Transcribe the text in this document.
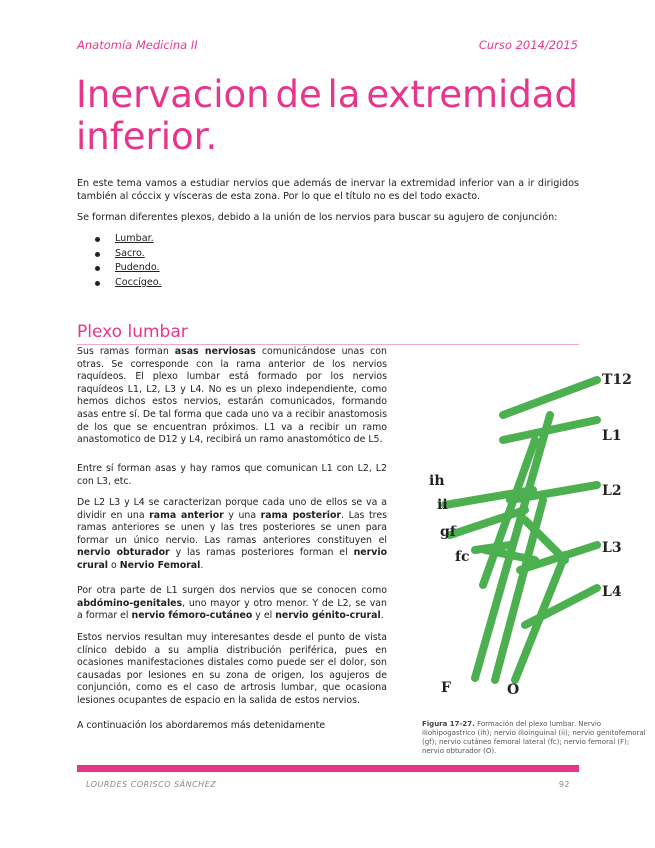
Anatomía Medicina II	Curso 2014/2015
Inervacion de la extremidad
inferior.

En este tema vamos a estudiar nervios que además de inervar la extremidad inferior van a ir dirigidos también al cóccix y vísceras de esta zona. Por lo que el título no es del todo exacto.

Se forman diferentes plexos, debido a la unión de los nervios para buscar su agujero de conjunción:

Lumbar.
Sacro.
Pudendo.
Coccígeo.
Plexo lumbar

Sus ramas forman asas nerviosas comunicándose unas con otras. Se corresponde con la rama anterior de los nervios raquídeos. El plexo lumbar está formado por los nervios raquídeos L1, L2, L3 y L4. No es un plexo independiente, como hemos dichos estos nervios, estarán comunicados, formando asas entre sí. De tal forma que cada uno va a recibir anastomosis de los que se encuentran próximos. L1 va a recibir un ramo anastomotico de D12 y L4, recibirá un ramo anastomótico de L5.

Entre sí forman asas y hay ramos que comunican L1 con L2, L2 con L3, etc.

De L2 L3 y L4 se caracterizan porque cada uno de ellos se va a dividir en una rama anterior y una rama posterior. Las tres ramas anteriores se unen y las tres posteriores se unen para formar un único nervio. Las ramas anteriores constituyen el nervio obturador y las ramas posteriores forman el nervio crural o Nervio Femoral.

Por otra parte de L1 surgen dos nervios que se conocen como abdómino-genitales, uno mayor y otro menor. Y de L2, se van a formar el nervio fémoro-cutáneo y el nervio génito-crural.

Estos nervios resultan muy interesantes desde el punto de vista clínico debido a su amplia distribución periférica, pues en ocasiones manifestaciones distales como puede ser el dolor, son causadas por lesiones en su zona de origen, los agujeros de conjunción, como es el caso de artrosis lumbar, que ocasiona lesiones ocupantes de espacio en la salida de estos nervios.

A continuación los abordaremos más detenidamente

T12
L1
L2
L3
L4
ih
ii
gf
fc
F	O

Figura 17-27. Formación del plexo lumbar. Nervio iliohipogastrico (ih); nervio ilioinguinal (ii); nervio genitofemoral (gf); nervio cutáneo femoral lateral (fc); nervio femoral (F); nervio obturador (O).

LOURDES CORISCO SÁNCHEZ	92
